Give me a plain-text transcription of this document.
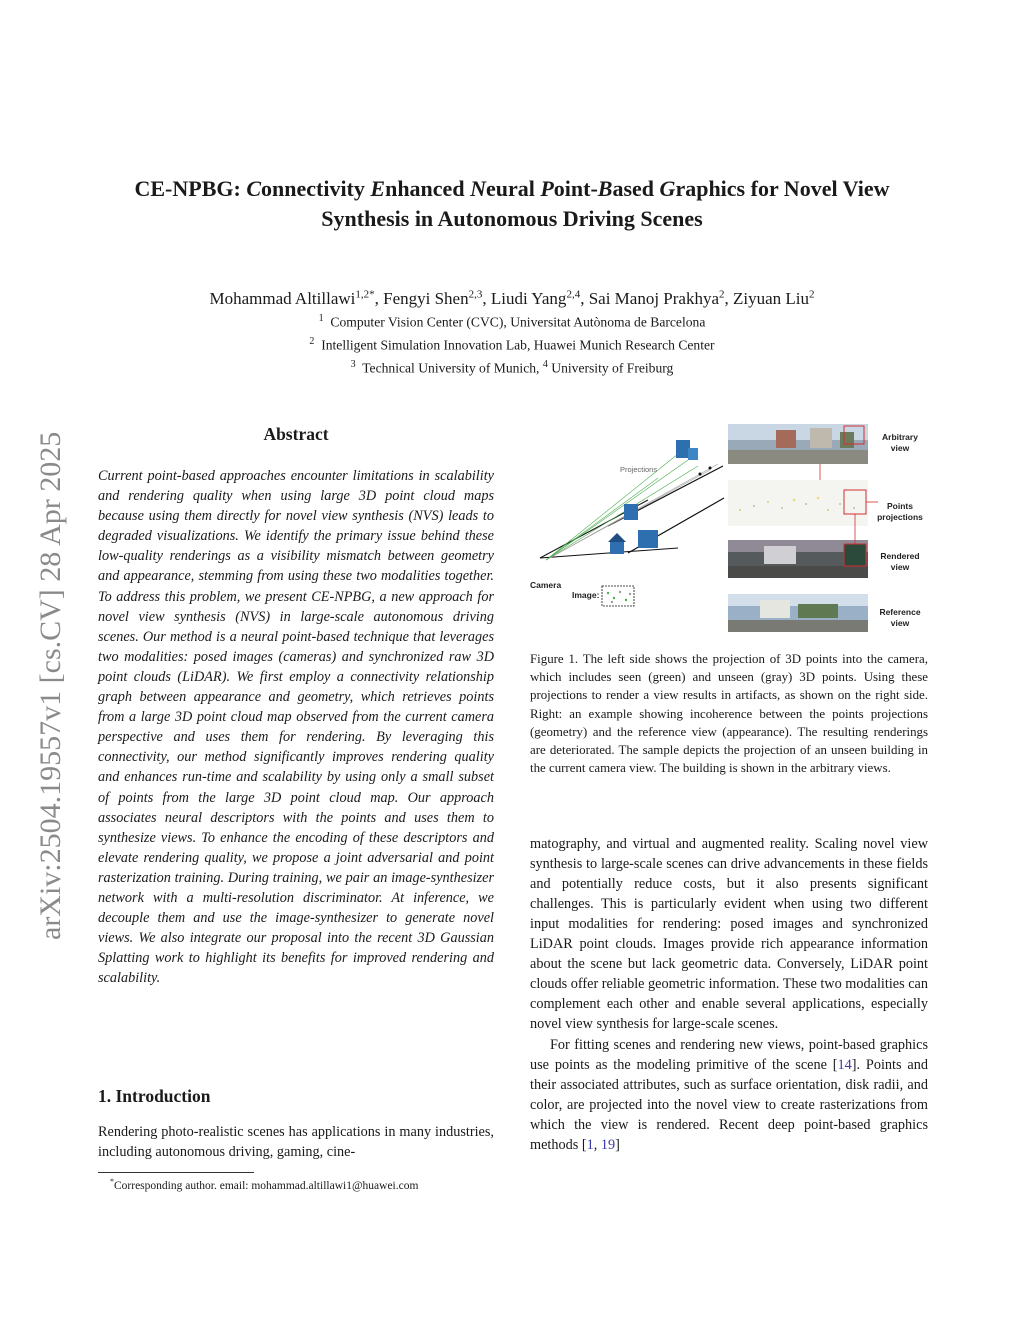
arXiv:2504.19557v1 [cs.CV] 28 Apr 2025
CE-NPBG: Connectivity Enhanced Neural Point-Based Graphics for Novel View
Synthesis in Autonomous Driving Scenes
Mohammad Altillawi$^{1,2*}$, Fengyi Shen$^{2,3}$, Liudi Yang$^{2,4}$, Sai Manoj Prakhya$^2$, Ziyuan Liu$^2$
$^1$ Computer Vision Center (CVC), Universitat Autònoma de Barcelona
$^2$ Intelligent Simulation Innovation Lab, Huawei Munich Research Center
$^3$ Technical University of Munich, $^4$ University of Freiburg
Abstract
Current point-based approaches encounter limitations in scalability and rendering quality when using large 3D point cloud maps because using them directly for novel view synthesis (NVS) leads to degraded visualizations. We identify the primary issue behind these low-quality renderings as a visibility mismatch between geometry and appearance, stemming from using these two modalities together. To address this problem, we present CE-NPBG, a new approach for novel view synthesis (NVS) in large-scale autonomous driving scenes. Our method is a neural point-based technique that leverages two modalities: posed images (cameras) and synchronized raw 3D point clouds (LiDAR). We first employ a connectivity relationship graph between appearance and geometry, which retrieves points from a large 3D point cloud map observed from the current camera perspective and uses them for rendering. By leveraging this connectivity, our method significantly improves rendering quality and enhances run-time and scalability by using only a small subset of points from the large 3D point cloud map. Our approach associates neural descriptors with the points and uses them to synthesize views. To enhance the encoding of these descriptors and elevate rendering quality, we propose a joint adversarial and point rasterization training. During training, we pair an image-synthesizer network with a multi-resolution discriminator. At inference, we decouple them and use the image-synthesizer to generate novel views. We also integrate our proposal into the recent 3D Gaussian Splatting work to highlight its benefits for improved rendering and scalability.
1. Introduction
Rendering photo-realistic scenes has applications in many industries, including autonomous driving, gaming, cine-
*Corresponding author. email: mohammad.altillawi1@huawei.com
Projections
Camera
Image:
Arbitrary
view
Points
projections
Rendered
view
Reference
view
Figure 1. The left side shows the projection of 3D points into the camera, which includes seen (green) and unseen (gray) 3D points. Using these projections to render a view results in artifacts, as shown on the right side. Right: an example showing incoherence between the points projections (geometry) and the reference view (appearance). The resulting renderings are deteriorated. The sample depicts the projection of an unseen building in the current camera view. The building is shown in the arbitrary views.

matography, and virtual and augmented reality. Scaling novel view synthesis to large-scale scenes can drive advancements in these fields and potentially reduce costs, but it also presents significant challenges. This is particularly evident when using two different input modalities for rendering: posed images and synchronized LiDAR point clouds. Images provide rich appearance information about the scene but lack geometric data. Conversely, LiDAR point clouds offer reliable geometric information. These two modalities can complement each other and enable several applications, especially novel view synthesis for large-scale scenes.

For fitting scenes and rendering new views, point-based graphics use points as the modeling primitive of the scene [14]. Points and their associated attributes, such as surface orientation, disk radii, and color, are projected into the novel view to create rasterizations from which the view is rendered. Recent deep point-based graphics methods [1, 19]
